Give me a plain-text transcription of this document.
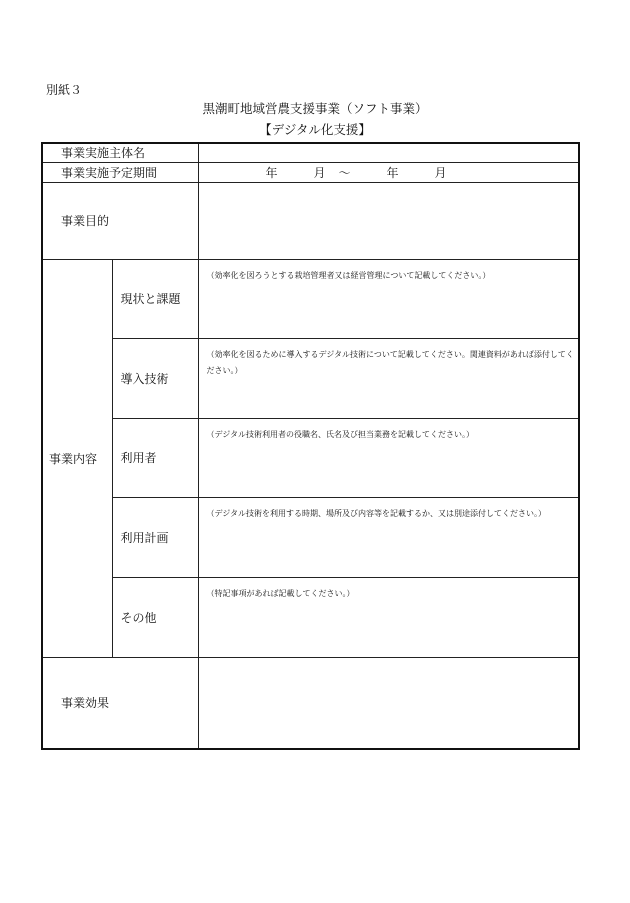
別紙３
黒潮町地域営農支援事業（ソフト事業）
【デジタル化支援】
事業実施主体名		
事業実施予定期間		年 月 ～ 年 月
事業目的		
事業内容	現状と課題	（効率化を図ろうとする栽培管理者又は経営管理について記載してください。）
	導入技術	（効率化を図るために導入するデジタル技術について記載してください。関連資料があれば添付してください。）
	利用者	（デジタル技術利用者の役職名、氏名及び担当業務を記載してください。）
	利用計画	（デジタル技術を利用する時期、場所及び内容等を記載するか、又は別途添付してください。）
	その他	（特記事項があれば記載してください。）
事業効果		
